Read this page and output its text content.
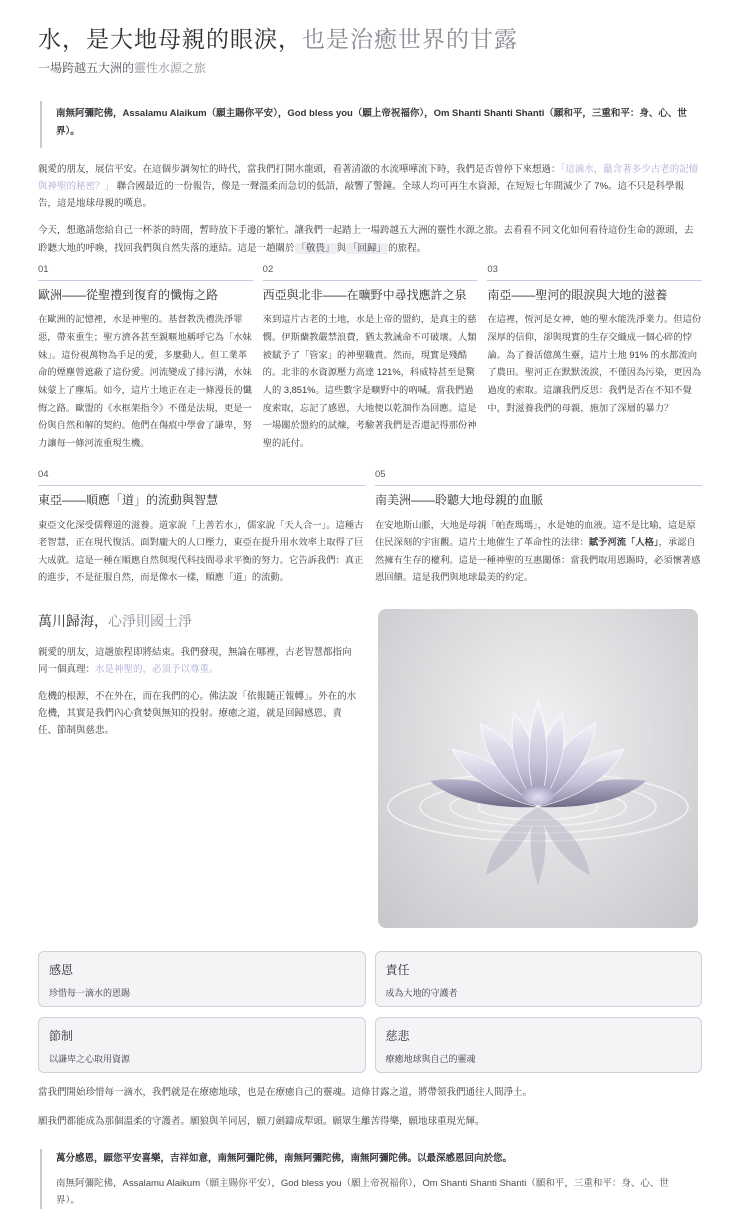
水，是大地母親的眼淚，也是治癒世界的甘露
一場跨越五大洲的靈性水源之旅
南無阿彌陀佛，Assalamu Alaikum（願主賜你平安），God bless you（願上帝祝福你），Om Shanti Shanti Shanti（願和平，三重和平：身、心、世界）。

親愛的朋友，展信平安。在這個步調匆忙的時代，當我們打開水龍頭，看著清澈的水流嘩嘩流下時，我們是否曾停下來想過：「這滴水，蘊含著多少古老的記憶與神聖的秘密？」 聯合國最近的一份報告，像是一聲溫柔而急切的低語，敲響了警鐘。全球人均可再生水資源，在短短七年間減少了 7%。這不只是科學報告，這是地球母親的嘆息。

今天，想邀請您給自己一杯茶的時間，暫時放下手邊的繁忙。讓我們一起踏上一場跨越五大洲的靈性水源之旅。去看看不同文化如何看待這份生命的源頭，去聆聽大地的呼喚，找回我們與自然失落的連結。這是一趟關於 「敬畏」 與 「回歸」 的旅程。

01
歐洲——從聖禮到復育的懺悔之路
在歐洲的記憶裡，水是神聖的。基督教洗禮洗淨罪惡，帶來重生；聖方濟各甚至親暱地稱呼它為「水妹妹」。這份視萬物為手足的愛，多麼動人。但工業革命的煙塵曾遮蔽了這份愛。河流變成了排污溝，水妹妹蒙上了塵垢。如今，這片土地正在走一條漫長的懺悔之路。歐盟的《水框架指令》不僅是法規，更是一份與自然和解的契約。他們在傷痕中學會了謙卑，努力讓每一條河流重現生機。
02
西亞與北非——在曠野中尋找應許之泉
來到這片古老的土地，水是上帝的盟約，是真主的慈憫。伊斯蘭教嚴禁浪費，猶太教誡命不可破壞。人類被賦予了「管家」的神聖職責。然而，現實是殘酷的。北非的水資源壓力高達 121%，科威特甚至是驚人的 3,851%。這些數字是曠野中的吶喊。當我們過度索取，忘記了感恩，大地便以乾涸作為回應。這是一場關於盟約的試煉，考驗著我們是否還記得那份神聖的託付。
03
南亞——聖河的眼淚與大地的滋養
在這裡，恆河是女神，她的聖水能洗淨業力。但這份深厚的信仰，卻與現實的生存交織成一個心碎的悖論。為了養活億萬生靈，這片土地 91% 的水都流向了農田。聖河正在默默流淚，不僅因為污染，更因為過度的索取。這讓我們反思：我們是否在不知不覺中，對滋養我們的母親，施加了深層的暴力？
04
東亞——順應「道」的流動與智慧
東亞文化深受儒釋道的滋養。道家說「上善若水」，儒家說「天人合一」。這種古老智慧，正在現代復活。面對龐大的人口壓力，東亞在提升用水效率上取得了巨大成就。這是一種在順應自然與現代科技間尋求平衡的努力。它告訴我們：真正的進步，不是征服自然，而是像水一樣，順應「道」的流動。
05
南美洲——聆聽大地母親的血脈
在安地斯山脈，大地是母親「帕查瑪瑪」，水是她的血液。這不是比喻，這是原住民深刻的宇宙觀。這片土地催生了革命性的法律：賦予河流「人格」，承認自然擁有生存的權利。這是一種神聖的互惠關係：當我們取用恩賜時，必須懷著感恩回饋。這是我們與地球最美的約定。
萬川歸海，心淨則國土淨

親愛的朋友，這趟旅程即將結束。我們發現，無論在哪裡，古老智慧都指向同一個真理：水是神聖的，必須予以尊重。

危機的根源，不在外在，而在我們的心。佛法說「依報隨正報轉」。外在的水危機，其實是我們內心貪婪與無知的投射。療癒之道，就是回歸感恩、責任、節制與慈悲。

感恩
珍惜每一滴水的恩賜
責任
成為大地的守護者
節制
以謙卑之心取用資源
慈悲
療癒地球與自己的靈魂

當我們開始珍惜每一滴水，我們就是在療癒地球，也是在療癒自己的靈魂。這條甘露之道，將帶領我們通往人間淨土。

願我們都能成為那個溫柔的守護者。願狼與羊同居，願刀劍鑄成犁頭。願眾生離苦得樂，願地球重現光輝。

萬分感恩，願您平安喜樂，吉祥如意，南無阿彌陀佛，南無阿彌陀佛，南無阿彌陀佛。以最深感恩回向於您。
南無阿彌陀佛，Assalamu Alaikum（願主賜你平安），God bless you（願上帝祝福你），Om Shanti Shanti Shanti（願和平，三重和平：身、心、世界）。
